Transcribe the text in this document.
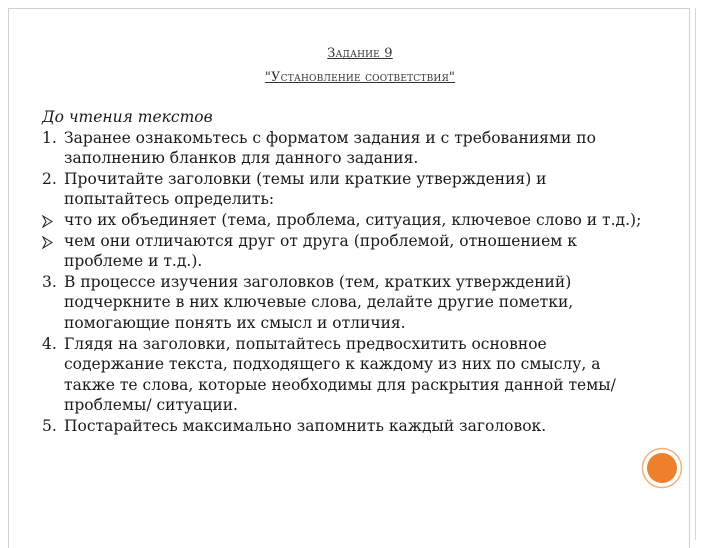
Задание 9
"Установление соответствия"
До чтения текстов
1. Заранее ознакомьтесь с форматом задания и с требованиями по заполнению бланков для данного задания.
2. Прочитайте заголовки (темы или краткие утверждения) и попытайтесь определить:
что их объединяет (тема, проблема, ситуация, ключевое слово и т.д.);
чем они отличаются друг от друга (проблемой, отношением к проблеме и т.д.).
3. В процессе изучения заголовков (тем, кратких утверждений) подчеркните в них ключевые слова, делайте другие пометки, помогающие понять их смысл и отличия.
4. Глядя на заголовки, попытайтесь предвосхитить основное содержание текста, подходящего к каждому из них по смыслу, а также те слова, которые необходимы для раскрытия данной темы/ проблемы/ ситуации.
5. Постарайтесь максимально запомнить каждый заголовок.
